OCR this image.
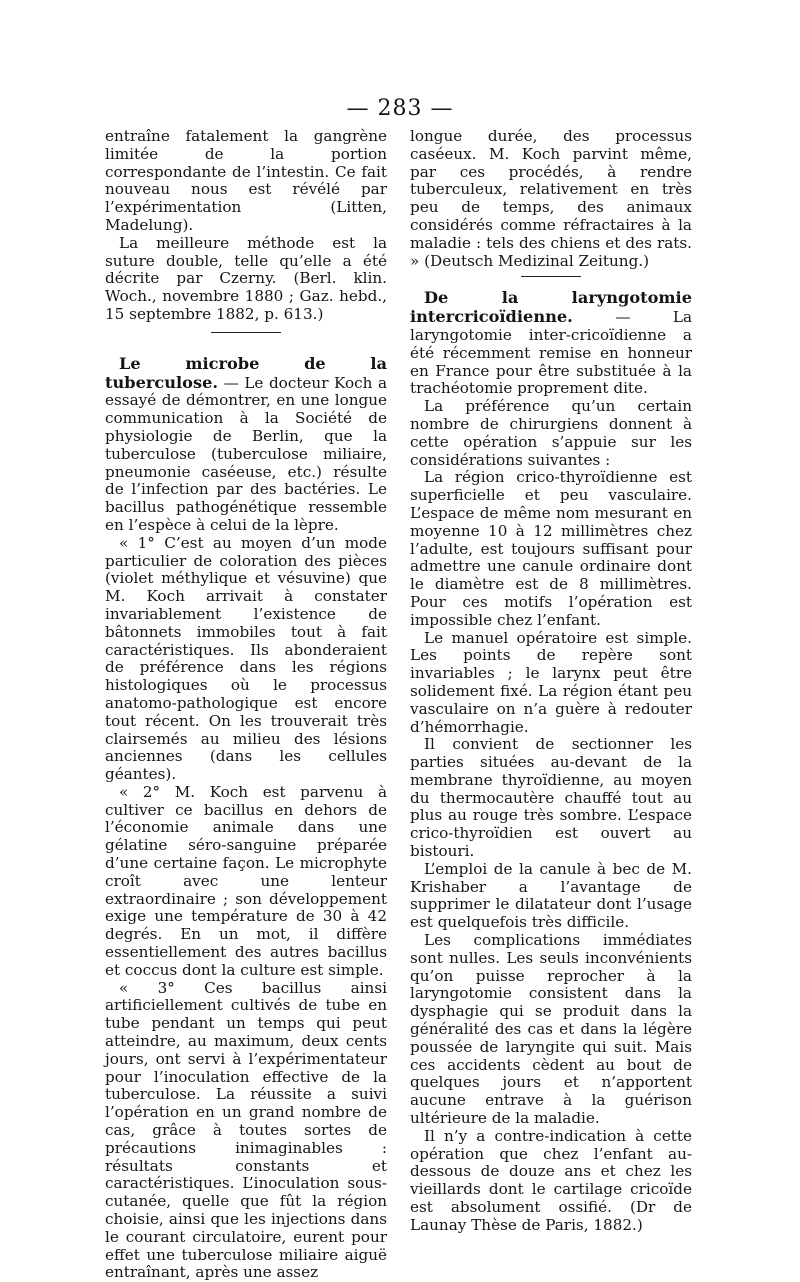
— 283 —

entraîne fatalement la gangrène limitée de la portion correspondante de l’intestin. Ce fait nouveau nous est révélé par l’expérimentation (Litten, Madelung).

La meilleure méthode est la suture double, telle qu’elle a été décrite par Czerny. (Berl. klin. Woch., novembre 1880 ; Gaz. hebd., 15 septembre 1882, p. 613.)

Le microbe de la tuberculose. — Le docteur Koch a essayé de démontrer, en une longue communication à la Société de physiologie de Berlin, que la tuberculose (tuberculose miliaire, pneumonie caséeuse, etc.) résulte de l’infection par des bactéries. Le bacillus pathogénétique ressemble en l’espèce à celui de la lèpre.

« 1° C’est au moyen d’un mode particulier de coloration des pièces (violet méthylique et vésuvine) que M. Koch arrivait à constater invariablement l’existence de bâtonnets immobiles tout à fait caractéristiques. Ils abonderaient de préférence dans les régions histologiques où le processus anatomo-pathologique est encore tout récent. On les trouverait très clairsemés au milieu des lésions anciennes (dans les cellules géantes).

« 2° M. Koch est parvenu à cultiver ce bacillus en dehors de l’économie animale dans une gélatine séro-sanguine préparée d’une certaine façon. Le microphyte croît avec une lenteur extraordinaire ; son développement exige une température de 30 à 42 degrés. En un mot, il diffère essentiellement des autres bacillus et coccus dont la culture est simple.

« 3° Ces bacillus ainsi artificiellement cultivés de tube en tube pendant un temps qui peut atteindre, au maximum, deux cents jours, ont servi à l’expérimentateur pour l’inoculation effective de la tuberculose. La réussite a suivi l’opération en un grand nombre de cas, grâce à toutes sortes de précautions inimaginables : résultats constants et caractéristiques. L’inoculation sous-cutanée, quelle que fût la région choisie, ainsi que les injections dans le courant circulatoire, eurent pour effet une tuberculose miliaire aiguë entraînant, après une assez

longue durée, des processus caséeux. M. Koch parvint même, par ces procédés, à rendre tuberculeux, relativement en très peu de temps, des animaux considérés comme réfractaires à la maladie : tels des chiens et des rats. » (Deutsch Medizinal Zeitung.)

De la laryngotomie intercricoïdienne. — La laryngotomie inter-cricoïdienne a été récemment remise en honneur en France pour être substituée à la trachéotomie proprement dite.

La préférence qu’un certain nombre de chirurgiens donnent à cette opération s’appuie sur les considérations suivantes :

La région crico-thyroïdienne est superficielle et peu vasculaire. L’espace de même nom mesurant en moyenne 10 à 12 millimètres chez l’adulte, est toujours suffisant pour admettre une canule ordinaire dont le diamètre est de 8 millimètres. Pour ces motifs l’opération est impossible chez l’enfant.

Le manuel opératoire est simple. Les points de repère sont invariables ; le larynx peut être solidement fixé. La région étant peu vasculaire on n’a guère à redouter d’hémorrhagie.

Il convient de sectionner les parties situées au-devant de la membrane thyroïdienne, au moyen du thermocautère chauffé tout au plus au rouge très sombre. L’espace crico-thyroïdien est ouvert au bistouri.

L’emploi de la canule à bec de M. Krishaber a l’avantage de supprimer le dilatateur dont l’usage est quelquefois très difficile.

Les complications immédiates sont nulles. Les seuls inconvénients qu’on puisse reprocher à la laryngotomie consistent dans la dysphagie qui se produit dans la généralité des cas et dans la légère poussée de laryngite qui suit. Mais ces accidents cèdent au bout de quelques jours et n’apportent aucune entrave à la guérison ultérieure de la maladie.

Il n’y a contre-indication à cette opération que chez l’enfant au-dessous de douze ans et chez les vieillards dont le cartilage cricoïde est absolument ossifié. (Dr de Launay Thèse de Paris, 1882.)
